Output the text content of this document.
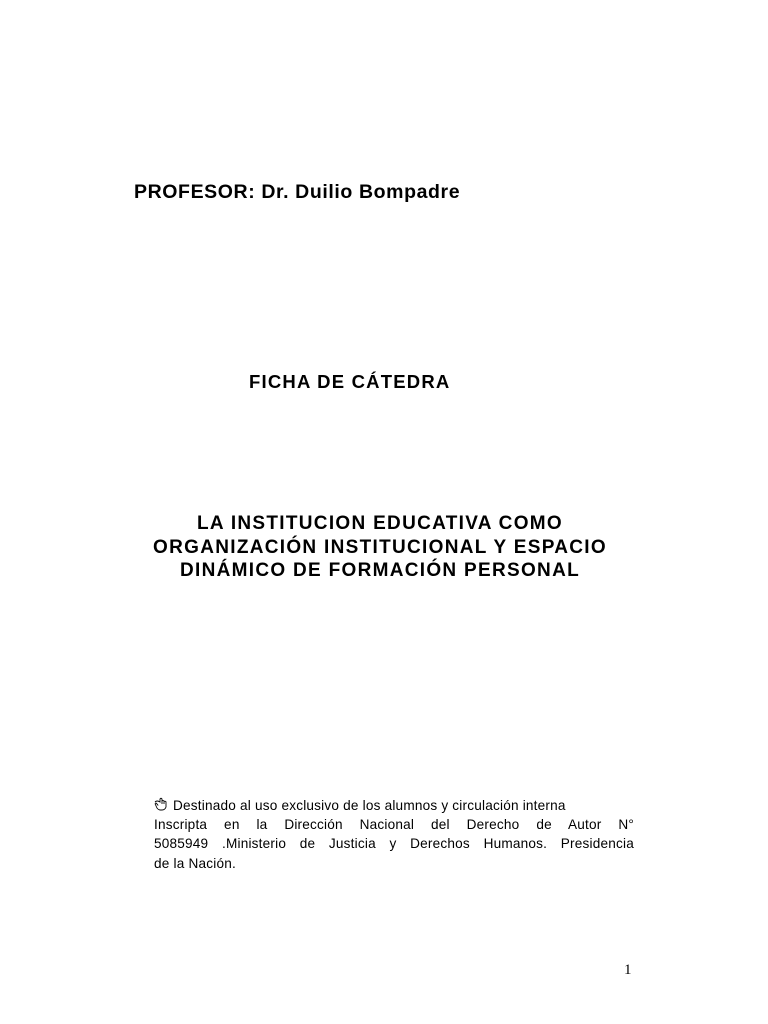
PROFESOR: Dr. Duilio Bompadre
FICHA DE CÁTEDRA
LA INSTITUCION EDUCATIVA COMO
ORGANIZACIÓN INSTITUCIONAL Y ESPACIO
DINÁMICO DE FORMACIÓN PERSONAL
Destinado al uso exclusivo de los alumnos y circulación interna
Inscripta en la Dirección Nacional del Derecho de Autor N°
5085949 .Ministerio de Justicia y Derechos Humanos. Presidencia
de la Nación.
1
